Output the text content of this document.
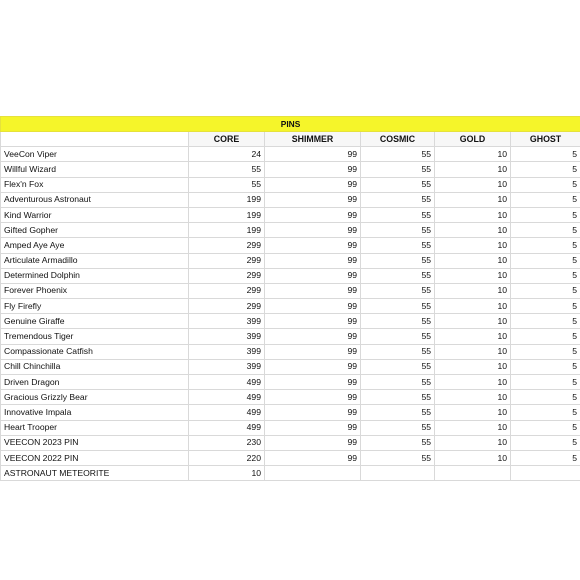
PINS					
	CORE	SHIMMER	COSMIC	GOLD	GHOST
VeeCon Viper	24	99	55	10	5
Willful Wizard	55	99	55	10	5
Flex'n Fox	55	99	55	10	5
Adventurous Astronaut	199	99	55	10	5
Kind Warrior	199	99	55	10	5
Gifted Gopher	199	99	55	10	5
Amped Aye Aye	299	99	55	10	5
Articulate Armadillo	299	99	55	10	5
Determined Dolphin	299	99	55	10	5
Forever Phoenix	299	99	55	10	5
Fly Firefly	299	99	55	10	5
Genuine Giraffe	399	99	55	10	5
Tremendous Tiger	399	99	55	10	5
Compassionate Catfish	399	99	55	10	5
Chill Chinchilla	399	99	55	10	5
Driven Dragon	499	99	55	10	5
Gracious Grizzly Bear	499	99	55	10	5
Innovative Impala	499	99	55	10	5
Heart Trooper	499	99	55	10	5
VEECON 2023 PIN	230	99	55	10	5
VEECON 2022 PIN	220	99	55	10	5
ASTRONAUT METEORITE	10				
